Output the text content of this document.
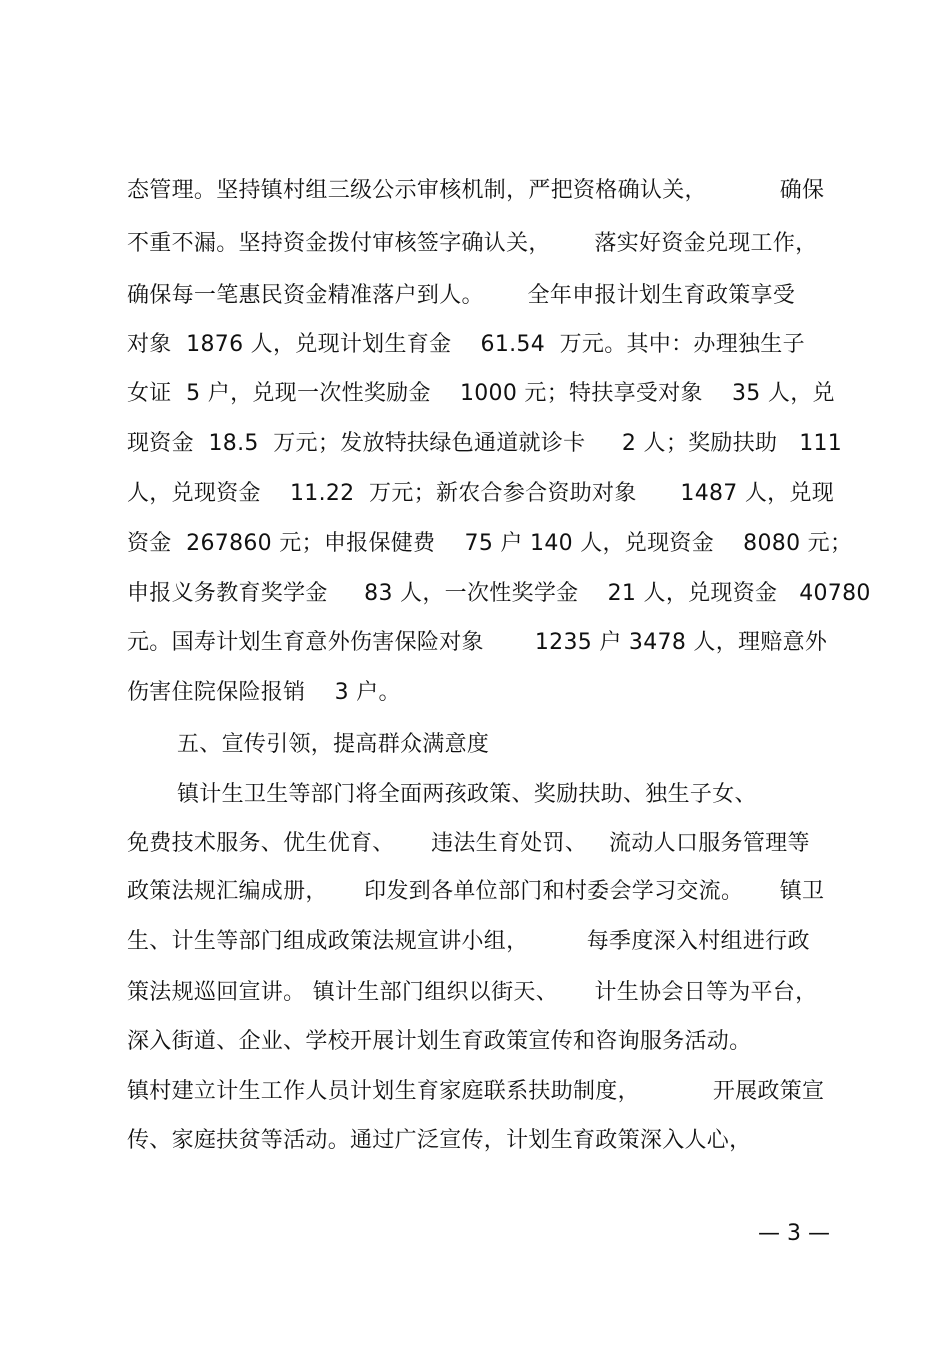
态管理。坚持镇村组三级公示审核机制，严把资格确认关，          确保
不重不漏。坚持资金拨付审核签字确认关，      落实好资金兑现工作，
确保每一笔惠民资金精准落户到人。      全年申报计划生育政策享受
对象  1876 人，兑现计划生育金    61.54  万元。其中：办理独生子
女证  5 户，兑现一次性奖励金    1000 元；特扶享受对象    35 人，兑
现资金  18.5  万元；发放特扶绿色通道就诊卡     2 人；奖励扶助   111
人，兑现资金    11.22  万元；新农合参合资助对象      1487 人，兑现
资金  267860 元；申报保健费    75 户 140 人，兑现资金    8080 元；
申报义务教育奖学金     83 人，一次性奖学金    21 人，兑现资金   40780
元。国寿计划生育意外伤害保险对象       1235 户 3478 人，理赔意外
伤害住院保险报销    3 户。
五、宣传引领，提高群众满意度
镇计生卫生等部门将全面两孩政策、奖励扶助、独生子女、
免费技术服务、优生优育、     违法生育处罚、   流动人口服务管理等
政策法规汇编成册，     印发到各单位部门和村委会学习交流。     镇卫
生、计生等部门组成政策法规宣讲小组，        每季度深入村组进行政
策法规巡回宣讲。 镇计生部门组织以街天、     计生协会日等为平台，
深入街道、企业、学校开展计划生育政策宣传和咨询服务活动。
镇村建立计生工作人员计划生育家庭联系扶助制度，          开展政策宣
传、家庭扶贫等活动。通过广泛宣传，计划生育政策深入人心，
— 3 —
